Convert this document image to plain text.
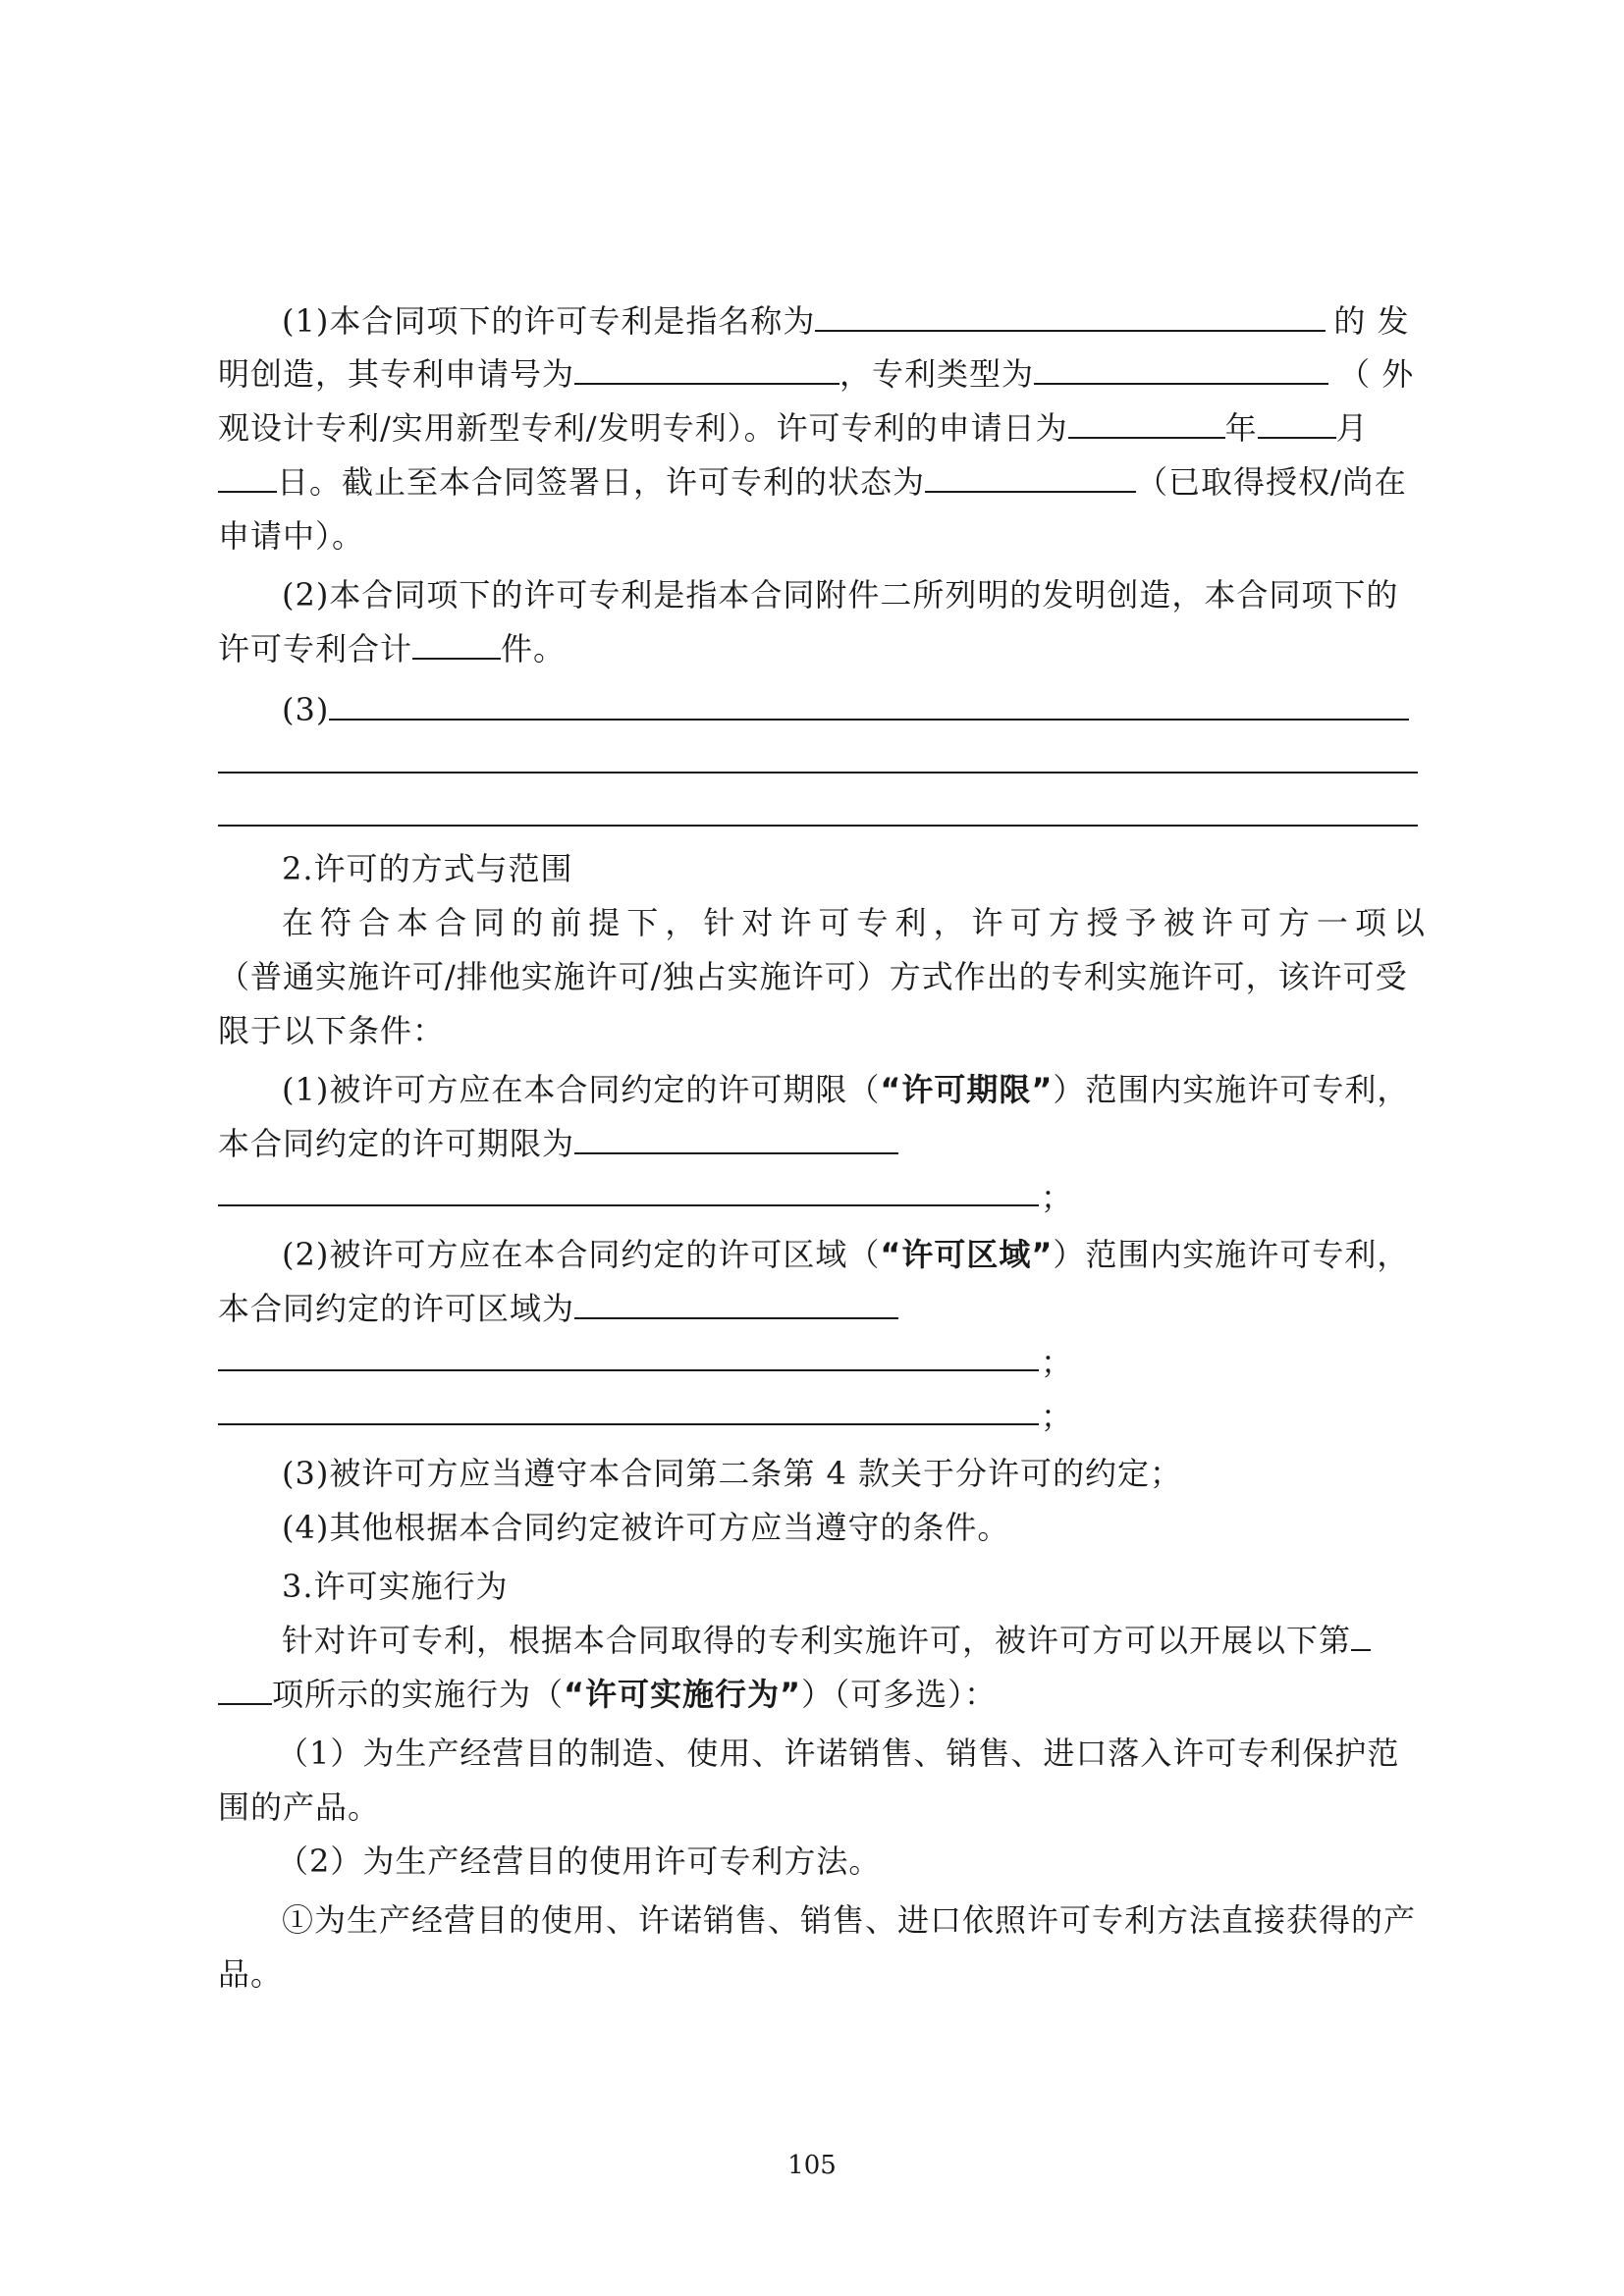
(1)本合同项下的许可专利是指名称为	的 发
明创造，其专利申请号为	，专利类型为	（ 外
观设计专利/实用新型专利/发明专利）。许可专利的申请日为	年	月
日。截止至本合同签署日，许可专利的状态为	（已取得授权/尚在
申请中）。
(2)本合同项下的许可专利是指本合同附件二所列明的发明创造，本合同项下的
许可专利合计	件。
(3)
2.许可的方式与范围
在符合本合同的前提下，针对许可专利，许可方授予被许可方一项以
（普通实施许可/排他实施许可/独占实施许可）方式作出的专利实施许可，该许可受
限于以下条件：
(1)被许可方应在本合同约定的许可期限（“许可期限”）范围内实施许可专利，
本合同约定的许可期限为
；
(2)被许可方应在本合同约定的许可区域（“许可区域”）范围内实施许可专利，
本合同约定的许可区域为
；
；
(3)被许可方应当遵守本合同第二条第 4 款关于分许可的约定；
(4)其他根据本合同约定被许可方应当遵守的条件。
3.许可实施行为
针对许可专利，根据本合同取得的专利实施许可，被许可方可以开展以下第
项所示的实施行为（“许可实施行为”）（可多选）：
（1）为生产经营目的制造、使用、许诺销售、销售、进口落入许可专利保护范
围的产品。
（2）为生产经营目的使用许可专利方法。
①为生产经营目的使用、许诺销售、销售、进口依照许可专利方法直接获得的产
品。
105
